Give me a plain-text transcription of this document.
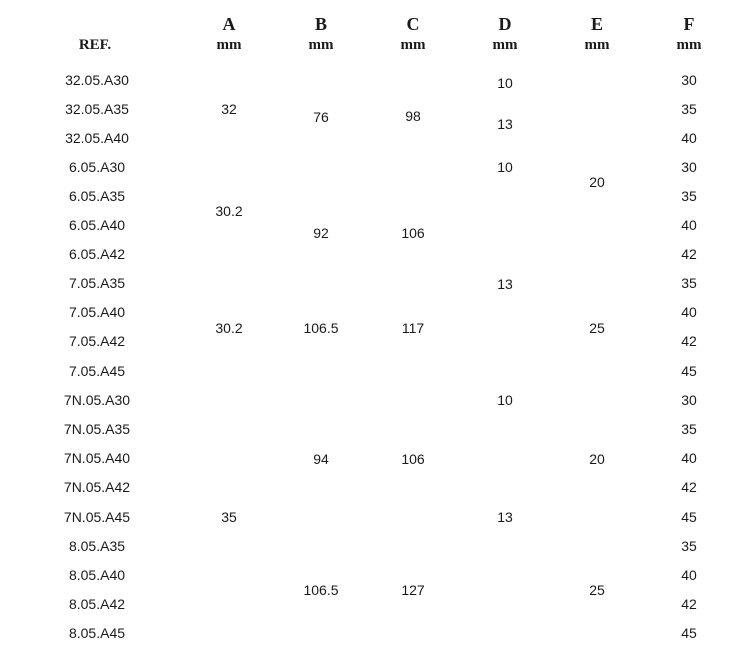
REF.
A
mm
B
mm
C
mm
D
mm
E
mm
F
mm
32.05.A30
32.05.A35
32.05.A40
6.05.A30
6.05.A35
6.05.A40
6.05.A42
7.05.A35
7.05.A40
7.05.A42
7.05.A45
7N.05.A30
7N.05.A35
7N.05.A40
7N.05.A42
7N.05.A45
8.05.A35
8.05.A40
8.05.A42
8.05.A45
32
30.2
30.2
35
76
92
106.5
94
106.5
98
106
117
106
127
10
13
10
13
10
13
20
25
20
25
30
35
40
30
35
40
42
35
40
42
45
30
35
40
42
45
35
40
42
45
